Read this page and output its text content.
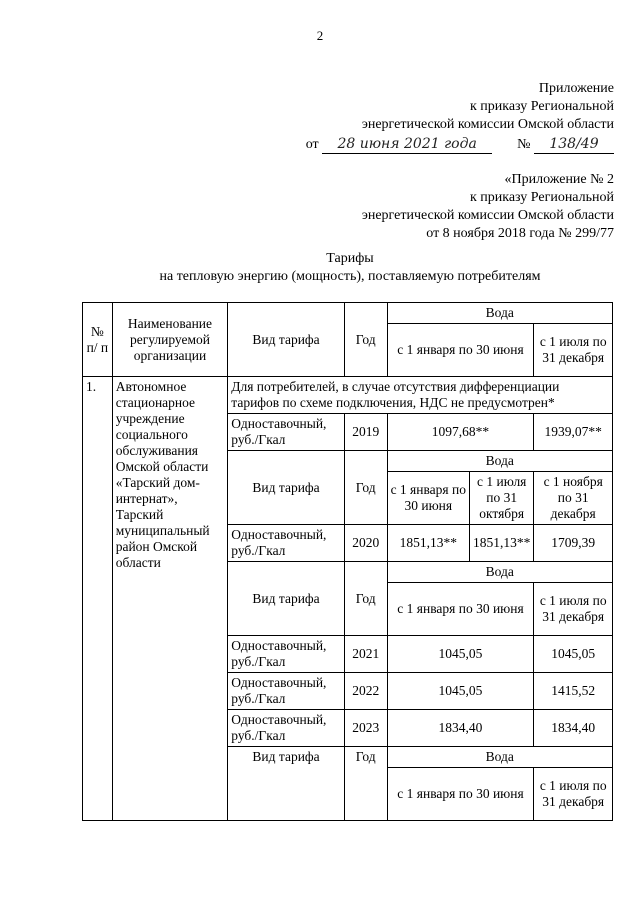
2
Приложение
к приказу Региональной
энергетической комиссии Омской области
от 28 июня 2021 года	№ 138/49
«Приложение № 2
к приказу Региональной
энергетической комиссии Омской области
от 8 ноября 2018 года № 299/77
Тарифы
на тепловую энергию (мощность), поставляемую потребителям
№ п/ п	Наименование регулируемой организации	Вид тарифа	Год	Вода		
				с 1 января по 30 июня		с 1 июля по 31 декабря
1.	Автономное стационарное учреждение социального обслуживания Омской области «Тарский дом-интернат», Тарский муниципальный район Омской области	Для потребителей, в случае отсутствия дифференциации тарифов по схеме подключения, НДС не предусмотрен*				
		Одноставочный, руб./Гкал	2019	1097,68**		1939,07**
		Вид тарифа	Год	Вода		
				с 1 января по 30 июня	с 1 июля по 31 октября	с 1 ноября по 31 декабря
		Одноставочный, руб./Гкал	2020	1851,13**	1851,13**	1709,39
		Вид тарифа	Год	Вода		
				с 1 января по 30 июня		с 1 июля по 31 декабря
		Одноставочный, руб./Гкал	2021	1045,05		1045,05
		Одноставочный, руб./Гкал	2022	1045,05		1415,52
		Одноставочный, руб./Гкал	2023	1834,40		1834,40
		Вид тарифа	Год	Вода		
				с 1 января по 30 июня		с 1 июля по 31 декабря
